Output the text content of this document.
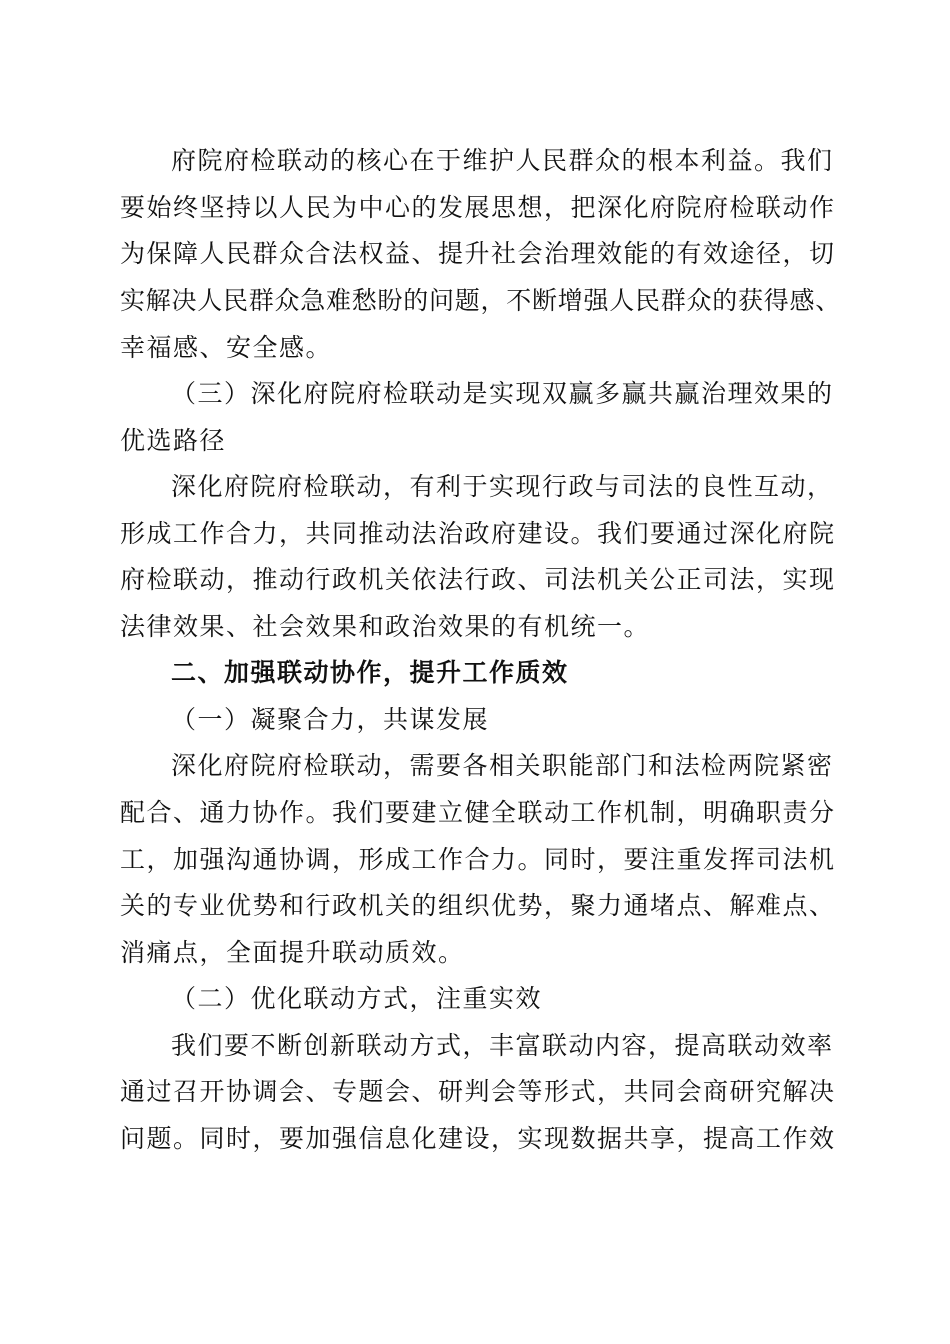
府院府检联动的核心在于维护人民群众的根本利益。我们
要始终坚持以人民为中心的发展思想，把深化府院府检联动作
为保障人民群众合法权益、提升社会治理效能的有效途径，切
实解决人民群众急难愁盼的问题，不断增强人民群众的获得感、
幸福感、安全感。
（三）深化府院府检联动是实现双赢多赢共赢治理效果的
优选路径
深化府院府检联动，有利于实现行政与司法的良性互动，
形成工作合力，共同推动法治政府建设。我们要通过深化府院
府检联动，推动行政机关依法行政、司法机关公正司法，实现
法律效果、社会效果和政治效果的有机统一。
二、加强联动协作，提升工作质效
（一）凝聚合力，共谋发展
深化府院府检联动，需要各相关职能部门和法检两院紧密
配合、通力协作。我们要建立健全联动工作机制，明确职责分
工，加强沟通协调，形成工作合力。同时，要注重发挥司法机
关的专业优势和行政机关的组织优势，聚力通堵点、解难点、
消痛点，全面提升联动质效。
（二）优化联动方式，注重实效
我们要不断创新联动方式，丰富联动内容，提高联动效率
通过召开协调会、专题会、研判会等形式，共同会商研究解决
问题。同时，要加强信息化建设，实现数据共享，提高工作效
